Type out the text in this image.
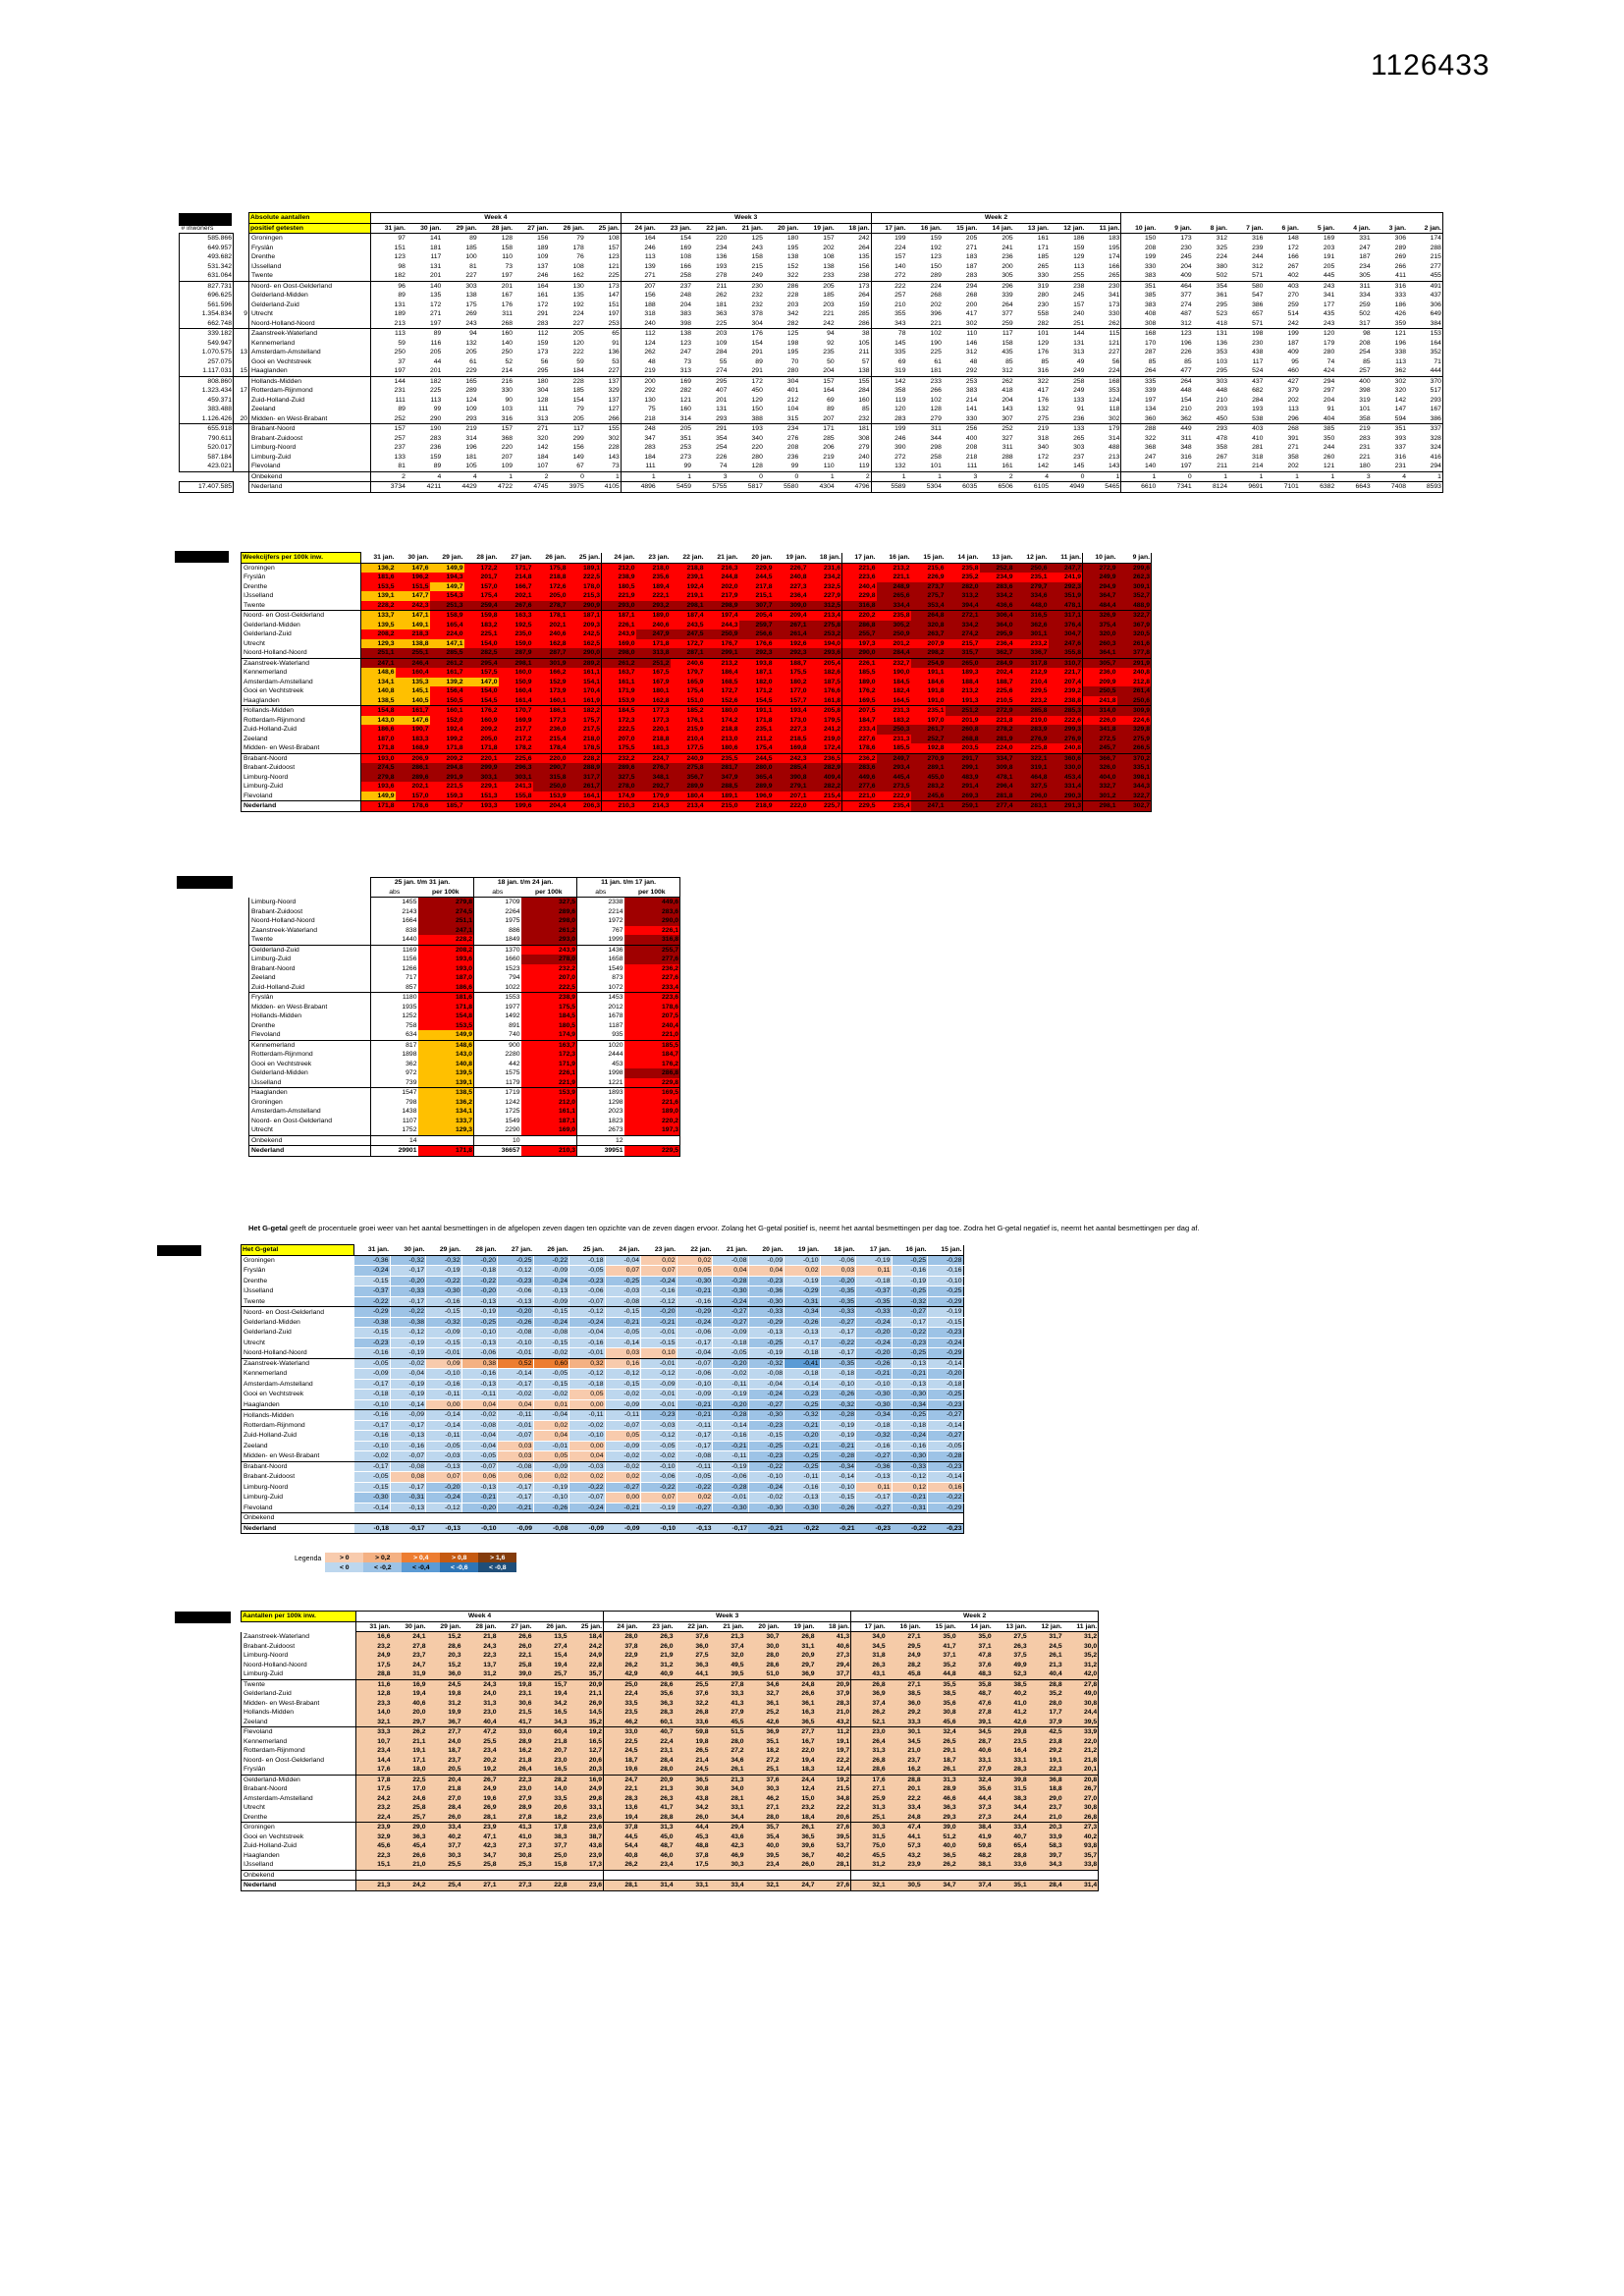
1126433
		Absolute aantallen	Week 4							Week 3							Week 2															
# inwoners		positief getesten	31 jan.	30 jan.	29 jan.	28 jan.	27 jan.	26 jan.	25 jan.	24 jan.	23 jan.	22 jan.	21 jan.	20 jan.	19 jan.	18 jan.	17 jan.	16 jan.	15 jan.	14 jan.	13 jan.	12 jan.	11 jan.	10 jan.	9 jan.	8 jan.	7 jan.	6 jan.	5 jan.	4 jan.	3 jan.	2 jan.
585.866		Groningen	97	141	89	128	156	79	108	164	154	220	125	180	157	242	199	159	205	205	161	186	183	150	173	312	316	148	169	331	306	174
649.957		Fryslân	151	181	185	158	189	178	157	246	169	234	243	195	202	264	224	192	271	241	171	159	195	208	230	325	239	172	203	247	289	288
493.682		Drenthe	123	117	100	110	109	76	123	113	108	136	158	138	108	135	157	123	183	236	185	129	174	199	245	224	244	166	191	187	269	215
531.342		IJsselland	98	131	81	73	137	108	121	139	166	193	215	152	138	156	140	150	187	200	265	113	166	330	204	380	312	267	205	234	266	277
631.064		Twente	182	201	227	197	246	162	225	271	258	278	249	322	233	238	272	289	283	305	330	255	265	383	409	502	571	402	445	305	411	455
827.731		Noord- en Oost-Gelderland	96	140	303	201	164	130	173	207	237	211	230	286	205	173	222	224	294	296	319	238	230	351	464	354	580	403	243	311	316	491
696.625		Gelderland-Midden	89	135	138	167	161	135	147	156	248	262	232	228	185	264	257	268	268	339	280	245	341	385	377	361	547	270	341	334	333	437
561.596		Gelderland-Zuid	131	172	175	176	172	192	151	188	204	181	232	203	203	159	210	202	200	264	230	157	173	383	274	295	386	259	177	259	186	306
1.354.834	9	Utrecht	189	271	269	311	291	224	197	318	383	363	378	342	221	285	355	396	417	377	558	240	330	408	487	523	657	514	435	502	426	649
662.748		Noord-Holland-Noord	213	197	243	268	283	227	253	240	398	225	304	282	242	286	343	221	302	259	282	251	262	308	312	418	571	242	243	317	359	384
339.182		Zaanstreek-Waterland	113	89	94	160	112	205	65	112	138	203	176	125	94	38	78	102	110	117	101	144	115	168	123	131	198	199	120	98	121	153
549.947		Kennemerland	59	116	132	140	159	120	91	124	123	109	154	198	92	105	145	190	146	158	129	131	121	170	196	136	230	187	179	208	196	164
1.070.575	13	Amsterdam-Amstelland	250	205	205	250	173	222	136	262	247	284	291	195	235	211	335	225	312	435	176	313	227	287	226	353	438	409	280	254	338	352
257.075		Gooi en Vechtstreek	37	44	61	52	56	59	53	48	73	55	89	70	50	57	69	61	48	85	85	49	56	85	85	103	117	95	74	85	113	71
1.117.031	15	Haaglanden	197	201	229	214	295	184	227	219	313	274	291	280	204	138	319	181	292	312	316	249	224	264	477	295	524	460	424	257	362	444
808.860		Hollands-Midden	144	182	165	216	180	228	137	200	169	295	172	304	157	155	142	233	253	262	322	258	168	335	264	303	437	427	294	400	302	370
1.323.434	17	Rotterdam-Rijnmond	231	225	289	330	304	185	329	292	282	407	450	401	164	284	358	266	383	418	417	249	353	339	448	448	682	379	297	398	320	517
459.371		Zuid-Holland-Zuid	111	113	124	90	128	154	137	130	121	201	129	212	69	160	119	102	214	204	176	133	124	197	154	210	284	202	204	319	142	293
383.488		Zeeland	89	99	109	103	111	79	127	75	160	131	150	104	89	85	120	128	141	143	132	91	118	134	210	203	193	113	91	101	147	167
1.126.426	20	Midden- en West-Brabant	252	290	293	316	313	205	266	218	314	293	388	315	207	232	283	279	330	307	275	236	302	360	362	450	538	296	404	358	594	386
655.918		Brabant-Noord	157	190	219	157	271	117	155	248	205	291	193	234	171	181	199	311	256	252	219	133	179	288	449	293	403	268	385	219	351	337
790.611		Brabant-Zuidoost	257	283	314	368	320	299	302	347	351	354	340	276	285	308	246	344	400	327	318	265	314	322	311	478	410	391	350	283	393	328
520.017		Limburg-Noord	237	236	196	220	142	156	228	283	253	254	220	208	206	279	390	298	208	311	340	303	488	368	348	358	281	271	244	231	337	324
587.184		Limburg-Zuid	133	159	181	207	184	149	143	184	273	226	280	236	219	240	272	258	218	288	172	237	213	247	316	267	318	358	260	221	316	416
423.021		Flevoland	81	89	105	109	107	67	73	111	99	74	128	99	110	119	132	101	111	161	142	145	143	140	197	211	214	202	121	180	231	294
		Onbekend	2	4	4	1	2	0	1	1	1	3	0	0	1	2	1	1	3	2	4	0	1	1	0	1	1	1	1	3	4	1
17.407.585		Nederland	3734	4211	4429	4722	4745	3975	4105	4896	5459	5755	5817	5580	4304	4796	5589	5304	6035	6506	6105	4949	5465	6610	7341	8124	9691	7101	6382	6643	7408	8593
Weekcijfers per 100k inw.	31 jan.	30 jan.	29 jan.	28 jan.	27 jan.	26 jan.	25 jan.	24 jan.	23 jan.	22 jan.	21 jan.	20 jan.	19 jan.	18 jan.	17 jan.	16 jan.	15 jan.	14 jan.	13 jan.	12 jan.	11 jan.	10 jan.	9 jan.
Groningen	136,2	147,6	149,9	172,2	171,7	175,8	189,1	212,0	218,0	218,8	216,3	229,9	226,7	231,6	221,6	213,2	215,6	235,8	252,8	250,6	247,7	272,9	299,6
Fryslân	181,6	196,2	194,3	201,7	214,8	218,8	222,5	238,9	235,6	239,1	244,8	244,5	240,8	234,2	223,6	221,1	226,9	235,2	234,9	235,1	241,9	249,9	262,3
Drenthe	153,5	151,5	149,7	157,0	166,7	172,6	178,0	180,5	189,4	192,4	202,0	217,8	227,3	232,5	240,4	248,9	273,7	282,0	283,6	279,7	292,3	294,9	309,1
IJsselland	139,1	147,7	154,3	175,4	202,1	205,0	215,3	221,9	222,1	219,1	217,9	215,1	236,4	227,9	229,8	265,6	275,7	313,2	334,2	334,6	351,9	364,7	352,7
Twente	228,2	242,3	251,3	259,4	267,6	278,7	290,9	293,0	293,2	298,1	298,9	307,7	309,0	312,5	316,8	334,4	353,4	394,4	436,6	448,0	478,1	484,4	488,9
Noord- en Oost-Gelderland	133,7	147,1	158,9	159,8	163,3	178,1	187,1	187,1	189,0	187,4	197,4	205,4	209,4	213,4	220,2	235,8	264,8	272,1	306,4	316,5	317,1	326,9	322,7
Gelderland-Midden	139,5	149,1	165,4	183,2	192,5	202,1	209,3	226,1	240,6	243,5	244,3	259,7	267,1	275,8	286,8	305,2	320,8	334,2	364,0	362,6	376,4	375,4	367,9
Gelderland-Zuid	208,2	218,3	224,0	225,1	235,0	240,6	242,5	243,9	247,9	247,5	250,9	256,6	261,4	253,2	255,7	250,9	263,7	274,2	295,9	301,1	304,7	320,0	320,5
Utrecht	129,3	138,8	147,1	154,0	159,0	162,8	162,5	169,0	171,8	172,7	176,7	176,6	192,6	194,0	197,3	201,2	207,9	215,7	236,4	233,2	247,6	260,3	261,6
Noord-Holland-Noord	251,1	255,1	285,5	282,5	287,9	287,7	290,0	298,0	313,8	287,1	299,1	292,3	292,3	293,6	290,0	284,4	298,2	315,7	362,7	336,7	355,8	364,1	377,8
Zaanstreek-Waterland	247,1	246,4	261,2	295,4	298,1	301,9	289,2	261,2	251,2	240,6	213,2	193,8	188,7	205,4	226,1	232,7	254,9	265,0	284,9	317,8	310,7	305,7	291,9
Kennemerland	148,6	160,4	161,7	157,5	160,0	166,2	161,1	163,7	167,5	179,7	186,4	187,1	175,5	182,6	185,5	190,0	191,1	189,3	202,4	212,9	221,7	236,0	240,8
Amsterdam-Amstelland	134,1	135,3	139,2	147,0	150,9	152,9	154,1	161,1	167,9	165,9	168,5	182,0	180,2	187,5	189,0	184,5	184,6	188,4	188,7	210,4	207,4	209,9	212,8
Gooi en Vechtstreek	140,8	145,1	156,4	154,0	160,4	173,9	170,4	171,9	180,1	175,4	172,7	171,2	177,0	176,6	176,2	182,4	191,8	213,2	225,6	229,5	239,2	250,5	261,4
Haaglanden	138,5	140,5	150,5	154,5	161,4	160,1	161,9	153,9	162,8	151,0	152,6	154,5	157,7	161,8	169,5	164,5	191,0	191,3	210,5	223,2	238,8	241,8	250,6
Hollands-Midden	154,8	161,7	160,1	176,2	170,7	186,1	182,2	184,5	177,3	185,2	180,0	191,1	193,4	205,8	207,5	231,3	235,1	251,2	272,9	285,8	285,3	314,0	309,9
Rotterdam-Rijnmond	143,0	147,6	152,0	160,9	169,9	177,3	175,7	172,3	177,3	176,1	174,2	171,8	173,0	179,5	184,7	183,2	197,0	201,9	221,8	219,0	222,6	226,0	224,6
Zuid-Holland-Zuid	186,6	190,7	192,4	209,2	217,7	236,0	217,5	222,5	220,1	215,9	218,8	235,1	227,3	241,2	233,4	250,3	261,7	260,8	278,2	283,9	299,3	341,8	329,8
Zeeland	187,0	183,3	199,2	205,0	217,2	215,4	218,0	207,0	218,8	210,4	213,0	211,2	218,5	219,0	227,6	231,3	252,7	268,8	281,9	276,9	276,9	272,5	275,9
Midden- en West-Brabant	171,8	168,9	171,8	171,8	178,2	178,4	178,5	175,5	181,3	177,5	180,6	175,4	169,8	172,4	178,6	185,5	192,8	203,5	224,0	225,8	240,8	245,7	266,5
Brabant-Noord	193,0	206,9	209,2	220,1	225,6	220,0	228,2	232,2	224,7	240,9	235,5	244,5	242,3	236,5	236,2	249,7	270,9	291,7	334,7	322,1	360,6	366,7	370,2
Brabant-Zuidoost	274,5	286,1	294,8	299,9	296,3	290,7	288,9	289,6	276,7	275,8	281,7	280,0	285,4	282,9	283,6	293,4	289,1	299,1	309,8	319,1	330,0	326,0	335,1
Limburg-Noord	279,8	289,6	291,9	303,1	303,1	315,8	317,7	327,5	348,1	356,7	347,9	365,4	390,8	409,4	449,6	445,4	455,0	483,9	478,1	464,8	453,4	404,0	398,1
Limburg-Zuid	193,6	202,1	221,5	229,1	241,3	250,0	261,7	278,0	292,7	289,9	288,5	289,9	279,1	282,2	277,6	273,5	283,2	291,4	296,4	327,5	331,4	332,7	344,3
Flevoland	149,9	157,0	159,3	151,3	155,8	153,9	164,1	174,9	179,9	180,4	189,1	196,9	207,1	215,4	221,0	222,9	245,6	269,3	281,8	296,0	290,3	301,2	322,7
Nederland	171,8	178,6	185,7	193,3	199,6	204,4	206,3	210,3	214,3	213,4	215,0	218,9	222,0	225,7	229,5	235,4	247,1	259,1	277,4	283,1	291,3	298,1	302,7
	25 jan. t/m 31 jan.		18 jan. t/m 24 jan.		11 jan. t/m 17 jan.	
	abs	per 100k	abs	per 100k	abs	per 100k
Limburg-Noord	1455	279,8	1709	327,5	2338	449,6
Brabant-Zuidoost	2143	274,5	2264	289,6	2214	283,6
Noord-Holland-Noord	1664	251,1	1975	298,0	1972	290,0
Zaanstreek-Waterland	838	247,1	886	261,2	767	226,1
Twente	1440	228,2	1849	293,0	1999	316,8
Gelderland-Zuid	1169	208,2	1370	243,9	1436	255,7
Limburg-Zuid	1156	193,6	1660	278,0	1658	277,6
Brabant-Noord	1266	193,0	1523	232,2	1549	236,2
Zeeland	717	187,0	794	207,0	873	227,6
Zuid-Holland-Zuid	857	186,6	1022	222,5	1072	233,4
Fryslân	1180	181,6	1553	238,9	1453	223,6
Midden- en West-Brabant	1935	171,8	1977	175,5	2012	178,6
Hollands-Midden	1252	154,8	1492	184,5	1678	207,5
Drenthe	758	153,5	891	180,5	1187	240,4
Flevoland	634	149,9	740	174,9	935	221,0
Kennemerland	817	148,6	900	163,7	1020	185,5
Rotterdam-Rijnmond	1898	143,0	2280	172,3	2444	184,7
Gooi en Vechtstreek	362	140,8	442	171,9	453	176,2
Gelderland-Midden	972	139,5	1575	226,1	1998	286,8
IJsselland	739	139,1	1179	221,9	1221	229,8
Haaglanden	1547	138,5	1719	153,9	1893	169,5
Groningen	798	136,2	1242	212,0	1298	221,6
Amsterdam-Amstelland	1438	134,1	1725	161,1	2023	189,0
Noord- en Oost-Gelderland	1107	133,7	1549	187,1	1823	220,2
Utrecht	1752	129,3	2290	169,0	2673	197,3
Onbekend	14		10		12	
Nederland	29901	171,8	36657	210,3	39951	229,5
Het G-getal geeft de procentuele groei weer van het aantal besmettingen in de afgelopen zeven dagen ten opzichte van de zeven dagen ervoor. Zolang het G-getal positief is, neemt het aantal besmettingen per dag toe. Zodra het G-getal negatief is, neemt het aantal besmettingen per dag af.
Het G-getal	31 jan.	30 jan.	29 jan.	28 jan.	27 jan.	26 jan.	25 jan.	24 jan.	23 jan.	22 jan.	21 jan.	20 jan.	19 jan.	18 jan.	17 jan.	16 jan.	15 jan.
Groningen	-0,36	-0,32	-0,32	-0,20	-0,25	-0,22	-0,18	-0,04	0,02	0,02	-0,08	-0,09	-0,10	-0,06	-0,19	-0,25	-0,28
Fryslân	-0,24	-0,17	-0,19	-0,18	-0,12	-0,09	-0,05	0,07	0,07	0,05	0,04	0,04	0,02	0,03	0,11	-0,16	-0,16
Drenthe	-0,15	-0,20	-0,22	-0,22	-0,23	-0,24	-0,23	-0,25	-0,24	-0,30	-0,28	-0,23	-0,19	-0,20	-0,18	-0,19	-0,10
IJsselland	-0,37	-0,33	-0,30	-0,20	-0,06	-0,13	-0,06	-0,03	-0,16	-0,21	-0,30	-0,36	-0,29	-0,35	-0,37	-0,25	-0,25
Twente	-0,22	-0,17	-0,16	-0,13	-0,13	-0,09	-0,07	-0,08	-0,12	-0,16	-0,24	-0,30	-0,31	-0,35	-0,35	-0,32	-0,29
Noord- en Oost-Gelderland	-0,29	-0,22	-0,15	-0,19	-0,20	-0,15	-0,12	-0,15	-0,20	-0,29	-0,27	-0,33	-0,34	-0,33	-0,33	-0,27	-0,19
Gelderland-Midden	-0,38	-0,38	-0,32	-0,25	-0,26	-0,24	-0,24	-0,21	-0,21	-0,24	-0,27	-0,29	-0,26	-0,27	-0,24	-0,17	-0,15
Gelderland-Zuid	-0,15	-0,12	-0,09	-0,10	-0,08	-0,08	-0,04	-0,05	-0,01	-0,06	-0,09	-0,13	-0,13	-0,17	-0,20	-0,22	-0,23
Utrecht	-0,23	-0,19	-0,15	-0,13	-0,10	-0,15	-0,16	-0,14	-0,15	-0,17	-0,18	-0,25	-0,17	-0,22	-0,24	-0,23	-0,24
Noord-Holland-Noord	-0,16	-0,19	-0,01	-0,06	-0,01	-0,02	-0,01	0,03	0,10	-0,04	-0,05	-0,19	-0,18	-0,17	-0,20	-0,25	-0,29
Zaanstreek-Waterland	-0,05	-0,02	0,09	0,38	0,52	0,60	0,32	0,16	-0,01	-0,07	-0,20	-0,32	-0,41	-0,35	-0,26	-0,13	-0,14
Kennemerland	-0,09	-0,04	-0,10	-0,16	-0,14	-0,05	-0,12	-0,12	-0,12	-0,06	-0,02	-0,08	-0,18	-0,18	-0,21	-0,21	-0,20
Amsterdam-Amstelland	-0,17	-0,19	-0,16	-0,13	-0,17	-0,15	-0,18	-0,15	-0,09	-0,10	-0,11	-0,04	-0,14	-0,10	-0,10	-0,13	-0,18
Gooi en Vechtstreek	-0,18	-0,19	-0,11	-0,11	-0,02	-0,02	0,05	-0,02	-0,01	-0,09	-0,19	-0,24	-0,23	-0,26	-0,30	-0,30	-0,25
Haaglanden	-0,10	-0,14	0,00	0,04	0,04	0,01	0,00	-0,09	-0,01	-0,21	-0,20	-0,27	-0,25	-0,32	-0,30	-0,34	-0,23
Hollands-Midden	-0,16	-0,09	-0,14	-0,02	-0,11	-0,04	-0,11	-0,11	-0,23	-0,21	-0,28	-0,30	-0,32	-0,28	-0,34	-0,25	-0,27
Rotterdam-Rijnmond	-0,17	-0,17	-0,14	-0,08	-0,01	0,02	-0,02	-0,07	-0,03	-0,11	-0,14	-0,23	-0,21	-0,19	-0,18	-0,18	-0,14
Zuid-Holland-Zuid	-0,16	-0,13	-0,11	-0,04	-0,07	0,04	-0,10	0,05	-0,12	-0,17	-0,16	-0,15	-0,20	-0,19	-0,32	-0,24	-0,27
Zeeland	-0,10	-0,16	-0,05	-0,04	0,03	-0,01	0,00	-0,09	-0,05	-0,17	-0,21	-0,25	-0,21	-0,21	-0,16	-0,16	-0,05
Midden- en West-Brabant	-0,02	-0,07	-0,03	-0,05	0,03	0,05	0,04	-0,02	-0,02	-0,08	-0,11	-0,23	-0,25	-0,28	-0,27	-0,30	-0,28
Brabant-Noord	-0,17	-0,08	-0,13	-0,07	-0,08	-0,09	-0,03	-0,02	-0,10	-0,11	-0,19	-0,22	-0,25	-0,34	-0,36	-0,33	-0,23
Brabant-Zuidoost	-0,05	0,08	0,07	0,06	0,06	0,02	0,02	0,02	-0,06	-0,05	-0,06	-0,10	-0,11	-0,14	-0,13	-0,12	-0,14
Limburg-Noord	-0,15	-0,17	-0,20	-0,13	-0,17	-0,19	-0,22	-0,27	-0,22	-0,22	-0,28	-0,24	-0,16	-0,10	0,11	0,12	0,16
Limburg-Zuid	-0,30	-0,31	-0,24	-0,21	-0,17	-0,10	-0,07	0,00	0,07	0,02	-0,01	-0,02	-0,13	-0,15	-0,17	-0,21	-0,22
Flevoland	-0,14	-0,13	-0,12	-0,20	-0,21	-0,26	-0,24	-0,21	-0,19	-0,27	-0,30	-0,30	-0,30	-0,26	-0,27	-0,31	-0,29
Onbekend																	
Nederland	-0,18	-0,17	-0,13	-0,10	-0,09	-0,08	-0,09	-0,09	-0,10	-0,13	-0,17	-0,21	-0,22	-0,21	-0,23	-0,22	-0,23
Legenda	> 0	> 0,2	> 0,4	> 0,8	> 1,6
< 0	< -0,2	< -0,4	< -0,6	< -0,8
Aantallen per 100k inw.	Week 4							Week 3							Week 2						
	31 jan.	30 jan.	29 jan.	28 jan.	27 jan.	26 jan.	25 jan.	24 jan.	23 jan.	22 jan.	21 jan.	20 jan.	19 jan.	18 jan.	17 jan.	16 jan.	15 jan.	14 jan.	13 jan.	12 jan.	11 jan.
Zaanstreek-Waterland	16,6	24,1	15,2	21,8	26,6	13,5	18,4	28,0	26,3	37,6	21,3	30,7	26,8	41,3	34,0	27,1	35,0	35,0	27,5	31,7	31,2
Brabant-Zuidoost	23,2	27,8	28,6	24,3	26,0	27,4	24,2	37,8	26,0	36,0	37,4	30,0	31,1	40,6	34,5	29,5	41,7	37,1	26,3	24,5	30,0
Limburg-Noord	24,9	23,7	20,3	22,3	22,1	15,4	24,9	22,9	21,9	27,5	32,0	28,0	20,9	27,3	31,8	24,9	37,1	47,8	37,5	26,1	35,2
Noord-Holland-Noord	17,5	24,7	15,2	13,7	25,8	19,4	22,8	26,2	31,2	36,3	49,5	28,6	29,7	29,4	26,3	28,2	35,2	37,6	49,9	21,3	31,2
Limburg-Zuid	28,8	31,9	36,0	31,2	39,0	25,7	35,7	42,9	40,9	44,1	39,5	51,0	36,9	37,7	43,1	45,8	44,8	48,3	52,3	40,4	42,0
Twente	11,6	16,9	24,5	24,3	19,8	15,7	20,9	25,0	28,6	25,5	27,8	34,6	24,8	20,9	26,8	27,1	35,5	35,8	38,5	28,8	27,8
Gelderland-Zuid	12,8	19,4	19,8	24,0	23,1	19,4	21,1	22,4	35,6	37,6	33,3	32,7	26,6	37,9	36,9	38,5	38,5	48,7	40,2	35,2	49,0
Midden- en West-Brabant	23,3	40,6	31,2	31,3	30,6	34,2	26,9	33,5	36,3	32,2	41,3	36,1	36,1	28,3	37,4	36,0	35,6	47,6	41,0	28,0	30,8
Hollands-Midden	14,0	20,0	19,9	23,0	21,5	16,5	14,5	23,5	28,3	26,8	27,9	25,2	16,3	21,0	26,2	29,2	30,8	27,8	41,2	17,7	24,4
Zeeland	32,1	29,7	36,7	40,4	41,7	34,3	35,2	46,2	60,1	33,6	45,5	42,6	36,5	43,2	52,1	33,3	45,6	39,1	42,6	37,9	39,5
Flevoland	33,3	26,2	27,7	47,2	33,0	60,4	19,2	33,0	40,7	59,8	51,5	36,9	27,7	11,2	23,0	30,1	32,4	34,5	29,8	42,5	33,9
Kennemerland	10,7	21,1	24,0	25,5	28,9	21,8	16,5	22,5	22,4	19,8	28,0	35,1	16,7	19,1	26,4	34,5	26,5	28,7	23,5	23,8	22,0
Rotterdam-Rijnmond	23,4	19,1	18,7	23,4	16,2	20,7	12,7	24,5	23,1	26,5	27,2	18,2	22,0	19,7	31,3	21,0	29,1	40,6	16,4	29,2	21,2
Noord- en Oost-Gelderland	14,4	17,1	23,7	20,2	21,8	23,0	20,6	18,7	28,4	21,4	34,6	27,2	19,4	22,2	26,8	23,7	18,7	33,1	33,1	19,1	21,8
Fryslân	17,6	18,0	20,5	19,2	26,4	16,5	20,3	19,6	28,0	24,5	26,1	25,1	18,3	12,4	28,6	16,2	26,1	27,9	28,3	22,3	20,1
Gelderland-Midden	17,8	22,5	20,4	26,7	22,3	28,2	16,9	24,7	20,9	36,5	21,3	37,6	24,4	19,2	17,6	28,8	31,3	32,4	39,8	36,8	20,8
Brabant-Noord	17,5	17,0	21,8	24,9	23,0	14,0	24,9	22,1	21,3	30,8	34,0	30,3	12,4	21,5	27,1	20,1	28,9	35,6	31,5	18,8	26,7
Amsterdam-Amstelland	24,2	24,6	27,0	19,6	27,9	33,5	29,8	28,3	26,3	43,8	28,1	46,2	15,0	34,8	25,9	22,2	46,6	44,4	38,3	29,0	27,0
Utrecht	23,2	25,8	28,4	26,9	28,9	20,6	33,1	13,6	41,7	34,2	33,1	27,1	23,2	22,2	31,3	33,4	36,3	37,3	34,4	23,7	30,8
Drenthe	22,4	25,7	26,0	28,1	27,8	18,2	23,6	19,4	28,8	26,0	34,4	28,0	18,4	20,6	25,1	24,8	29,3	27,3	24,4	21,0	26,8
Groningen	23,9	29,0	33,4	23,9	41,3	17,8	23,6	37,8	31,3	44,4	29,4	35,7	26,1	27,6	30,3	47,4	39,0	38,4	33,4	20,3	27,3
Gooi en Vechtstreek	32,9	36,3	40,2	47,1	41,0	38,3	38,7	44,5	45,0	45,3	43,6	35,4	36,5	39,5	31,5	44,1	51,2	41,9	40,7	33,9	40,2
Zuid-Holland-Zuid	45,6	45,4	37,7	42,3	27,3	37,7	43,8	54,4	48,7	48,8	42,3	40,0	39,6	53,7	75,0	57,3	40,0	59,8	65,4	58,3	93,8
Haaglanden	22,3	26,6	30,3	34,7	30,8	25,0	23,9	40,8	46,0	37,8	46,9	39,5	36,7	40,2	45,5	43,2	36,5	48,2	28,8	39,7	35,7
IJsselland	15,1	21,0	25,5	25,8	25,3	15,8	17,3	26,2	23,4	17,5	30,3	23,4	26,0	28,1	31,2	23,9	26,2	38,1	33,6	34,3	33,8
Onbekend																					
Nederland	21,3	24,2	25,4	27,1	27,3	22,8	23,6	28,1	31,4	33,1	33,4	32,1	24,7	27,6	32,1	30,5	34,7	37,4	35,1	28,4	31,4
